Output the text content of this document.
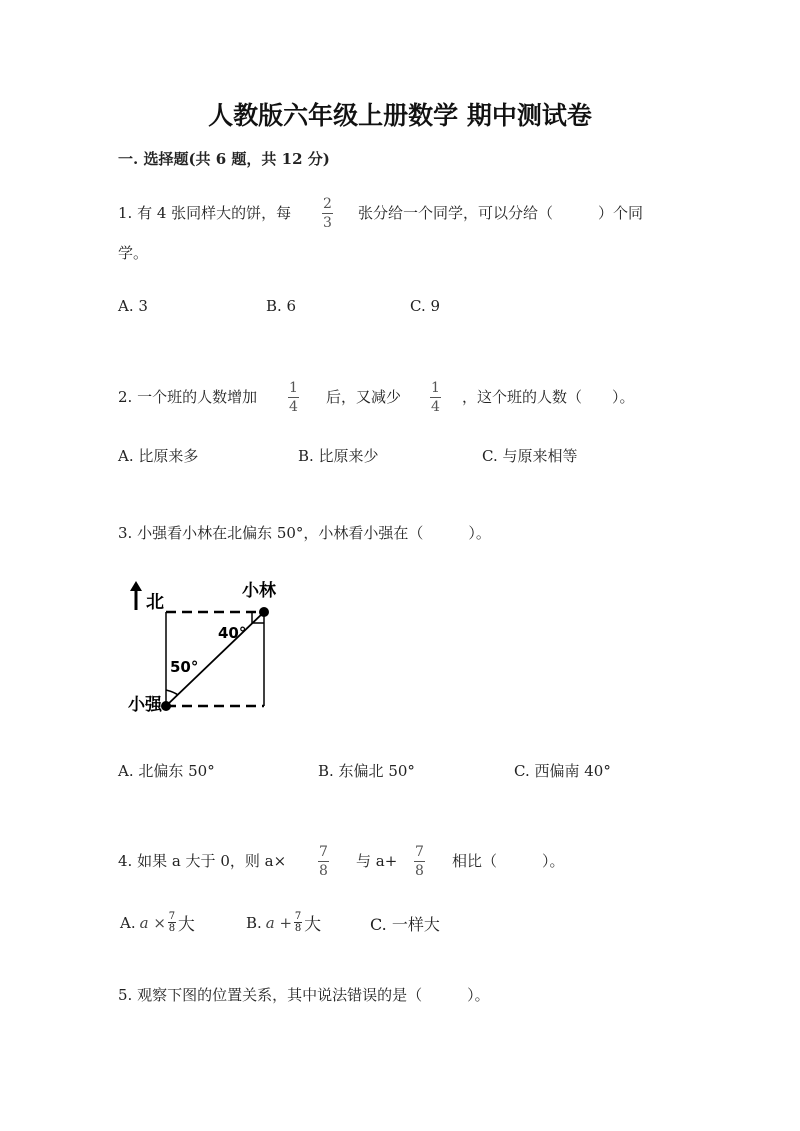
人教版六年级上册数学 期中测试卷
一. 选择题(共 6 题，共 12 分)
1. 有 4 张同样大的饼，每 2
3
张分给一个同学，可以分给（　　　）个同
学。
A. 3	B. 6	C. 9
2. 一个班的人数增加 1
4
后，又减少 1
4
，这个班的人数（　　）。
A. 比原来多	B. 比原来少	C. 与原来相等
3. 小强看小林在北偏东 50°，小林看小强在（　　　）。
北
小林
小强
40°
50°
A. 北偏东 50°	B. 东偏北 50°	C. 西偏南 40°
4. 如果 a 大于 0，则 a× 7
8
与 a+ 7
8
相比（　　　）。
A. $a \times \frac{7}{8}$ 大	B. $a + \frac{7}{8}$ 大	C. 一样大
5. 观察下图的位置关系，其中说法错误的是（　　　）。
